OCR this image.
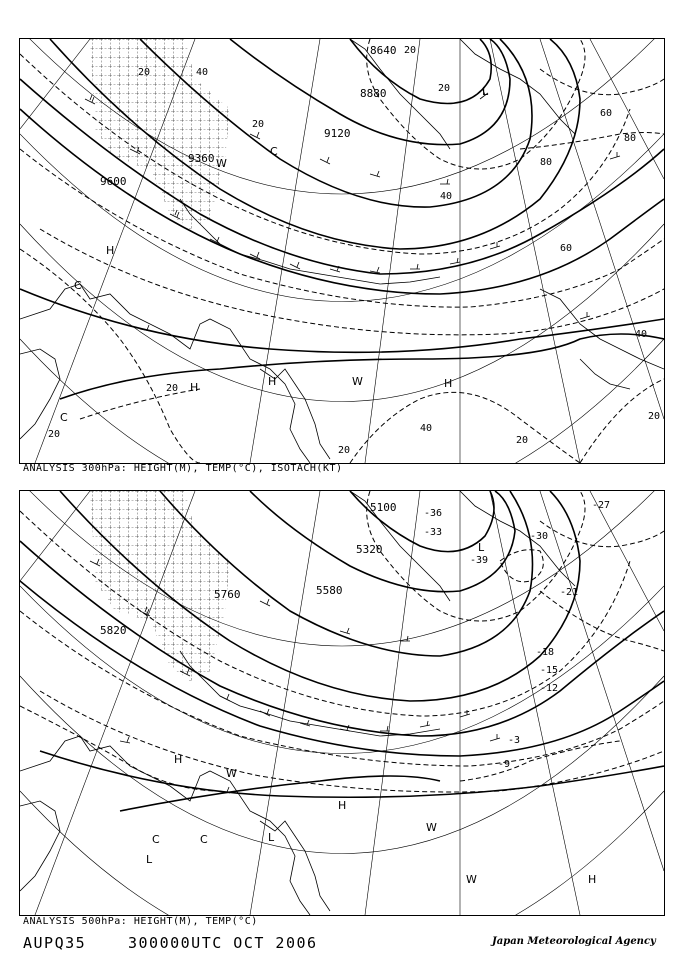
9600
9360
9120
8880
8640
20	40
60
80
80
60
40
20
20
20
40
20
40
20
20
20
20
L
H
H	H
H	W
W
C
C
C
ANALYSIS 300hPa: HEIGHT(M), TEMP(°C), ISOTACH(KT)
5820
5760	5580
5320
5100
-3
-9
-12
-15
-18
-21
-27
-30
-33
-36
-39
L
H
H
H
W
W
W
C	C
L
L
ANALYSIS 500hPa: HEIGHT(M), TEMP(°C)
AUPQ35	300000UTC OCT 2006	Japan Meteorological Agency
